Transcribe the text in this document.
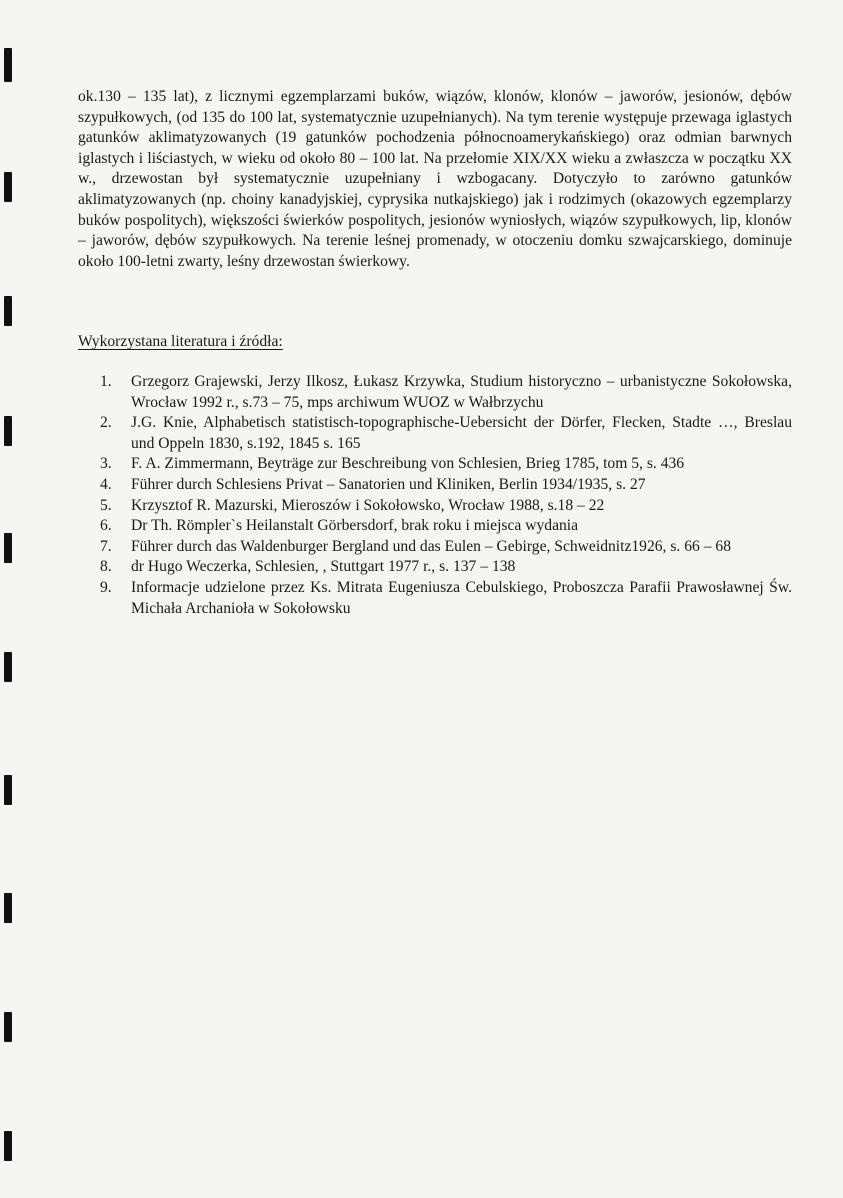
ok.130 – 135 lat), z licznymi egzemplarzami buków, wiązów, klonów, klonów – jaworów, jesionów, dębów szypułkowych, (od 135 do 100 lat, systematycznie uzupełnianych). Na tym terenie występuje przewaga iglastych gatunków aklimatyzowanych (19 gatunków pochodzenia północnoamerykańskiego) oraz odmian barwnych iglastych i liściastych, w wieku od około 80 – 100 lat. Na przełomie XIX/XX wieku a zwłaszcza w początku XX w., drzewostan był systematycznie uzupełniany i wzbogacany. Dotyczyło to zarówno gatunków aklimatyzowanych (np. choiny kanadyjskiej, cyprysika nutkajskiego) jak i rodzimych (okazowych egzemplarzy buków pospolitych), większości świerków pospolitych, jesionów wyniosłych, wiązów szypułkowych, lip, klonów – jaworów, dębów szypułkowych. Na terenie leśnej promenady, w otoczeniu domku szwajcarskiego, dominuje około 100-letni zwarty, leśny drzewostan świerkowy.

Wykorzystana literatura i źródła:
1. Grzegorz Grajewski, Jerzy Ilkosz, Łukasz Krzywka, Studium historyczno – urbanistyczne Sokołowska, Wrocław 1992 r., s.73 – 75, mps archiwum WUOZ w Wałbrzychu
2. J.G. Knie, Alphabetisch statistisch-topographische-Uebersicht der Dörfer, Flecken, Stadte …, Breslau und Oppeln 1830, s.192, 1845 s. 165
3. F. A. Zimmermann, Beyträge zur Beschreibung von Schlesien, Brieg 1785, tom 5, s. 436
4. Führer durch Schlesiens Privat – Sanatorien und Kliniken, Berlin 1934/1935, s. 27
5. Krzysztof R. Mazurski, Mieroszów i Sokołowsko, Wrocław 1988, s.18 – 22
6. Dr Th. Römpler`s Heilanstalt Görbersdorf, brak roku i miejsca wydania
7. Führer durch das Waldenburger Bergland und das Eulen – Gebirge, Schweidnitz1926, s. 66 – 68
8. dr Hugo Weczerka, Schlesien, , Stuttgart 1977 r., s. 137 – 138
9. Informacje udzielone przez Ks. Mitrata Eugeniusza Cebulskiego, Proboszcza Parafii Prawosławnej Św. Michała Archanioła w Sokołowsku
